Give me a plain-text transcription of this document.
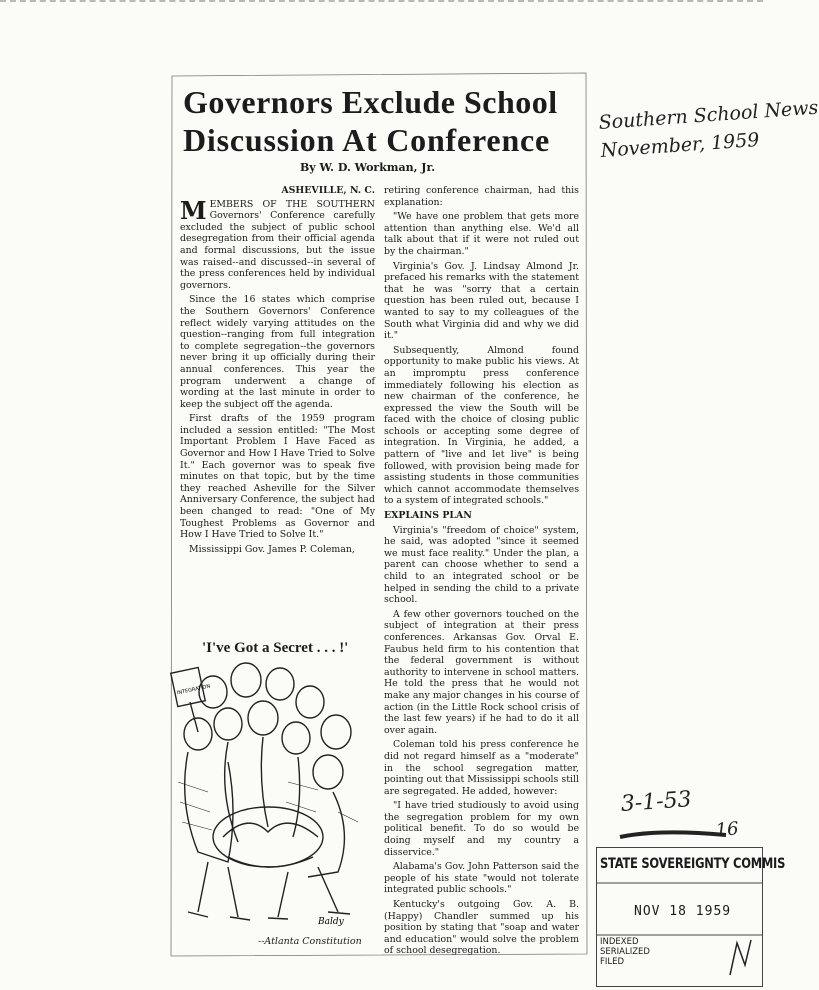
Governors Exclude School
Discussion At Conference
By W. D. Workman, Jr.
ASHEVILLE, N. C.

MEMBERS OF THE SOUTHERN Governors' Conference carefully excluded the subject of public school desegregation from their official agenda and formal discussions, but the issue was raised--and discussed--in several of the press conferences held by individual governors.

Since the 16 states which comprise the Southern Governors' Conference reflect widely varying attitudes on the question--ranging from full integration to complete segregation--the governors never bring it up officially during their annual conferences. This year the program underwent a change of wording at the last minute in order to keep the subject off the agenda.

First drafts of the 1959 program included a session entitled: "The Most Important Problem I Have Faced as Governor and How I Have Tried to Solve It." Each governor was to speak five minutes on that topic, but by the time they reached Asheville for the Silver Anniversary Conference, the subject had been changed to read: "One of My Toughest Problems as Governor and How I Have Tried to Solve It."

Mississippi Gov. James P. Coleman,

'I've Got a Secret . . . !'
INTEGRATION
Baldy
--Atlanta Constitution

retiring conference chairman, had this explanation:

"We have one problem that gets more attention than anything else. We'd all talk about that if it were not ruled out by the chairman."

Virginia's Gov. J. Lindsay Almond Jr. prefaced his remarks with the statement that he was "sorry that a certain question has been ruled out, because I wanted to say to my colleagues of the South what Virginia did and why we did it."

Subsequently, Almond found opportunity to make public his views. At an impromptu press conference immediately following his election as new chairman of the conference, he expressed the view the South will be faced with the choice of closing public schools or accepting some degree of integration. In Virginia, he added, a pattern of "live and let live" is being followed, with provision being made for assisting students in those communities which cannot accommodate themselves to a system of integrated schools."

EXPLAINS PLAN

Virginia's "freedom of choice" system, he said, was adopted "since it seemed we must face reality." Under the plan, a parent can choose whether to send a child to an integrated school or be helped in sending the child to a private school.

A few other governors touched on the subject of integration at their press conferences. Arkansas Gov. Orval E. Faubus held firm to his contention that the federal government is without authority to intervene in school matters. He told the press that he would not make any major changes in his course of action (in the Little Rock school crisis of the last few years) if he had to do it all over again.

Coleman told his press conference he did not regard himself as a "moderate" in the school segregation matter, pointing out that Mississippi schools still are segregated. He added, however:

"I have tried studiously to avoid using the segregation problem for my own political benefit. To do so would be doing myself and my country a disservice."

Alabama's Gov. John Patterson said the people of his state "would not tolerate integrated public schools."

Kentucky's outgoing Gov. A. B. (Happy) Chandler summed up his position by stating that "soap and water and education" would solve the problem of school desegregation.

Southern School News
November, 1959
3-1-53
16
STATE SOVEREIGNTY COMMIS
NOV 18 1959
INDEXED
SERIALIZED
FILED
